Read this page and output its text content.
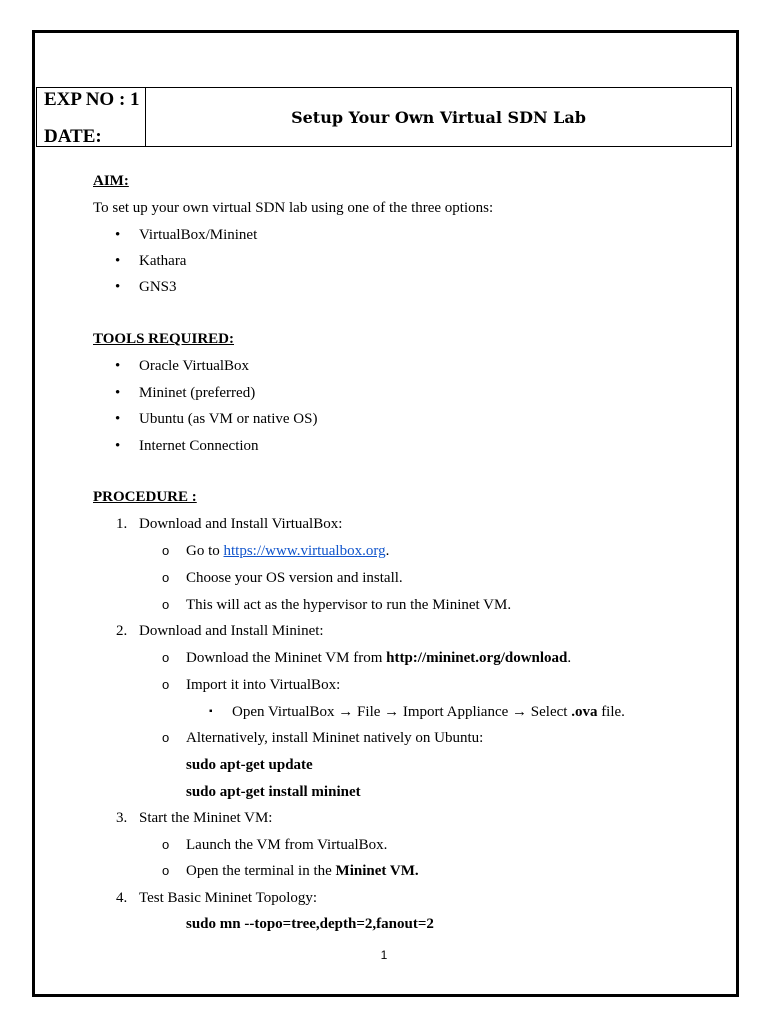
EXP NO : 1
DATE:
Setup Your Own Virtual SDN Lab
AIM:
To set up your own virtual SDN lab using one of the three options:
• VirtualBox/Mininet
• Kathara
• GNS3
TOOLS REQUIRED:
• Oracle VirtualBox
• Mininet (preferred)
• Ubuntu (as VM or native OS)
• Internet Connection
PROCEDURE :
1. Download and Install VirtualBox:
o Go to https://www.virtualbox.org.
o Choose your OS version and install.
o This will act as the hypervisor to run the Mininet VM.
2. Download and Install Mininet:
o Download the Mininet VM from http://mininet.org/download.
o Import it into VirtualBox:
▪ Open VirtualBox → File → Import Appliance → Select .ova file.
o Alternatively, install Mininet natively on Ubuntu:
sudo apt-get update
sudo apt-get install mininet
3. Start the Mininet VM:
o Launch the VM from VirtualBox.
o Open the terminal in the Mininet VM.
4. Test Basic Mininet Topology:
sudo mn --topo=tree,depth=2,fanout=2
1
